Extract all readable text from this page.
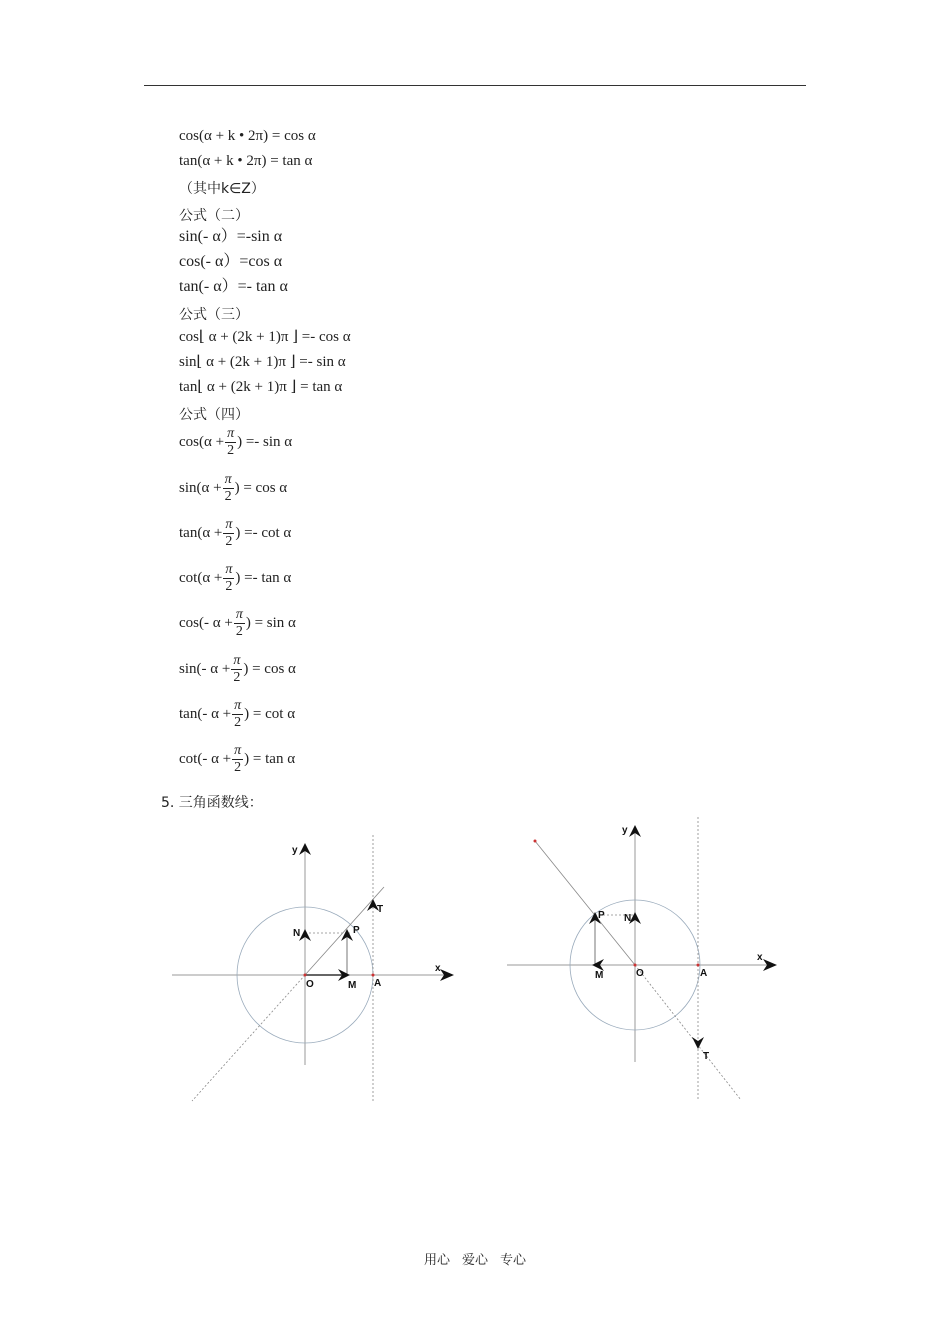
cos(α + k • 2π) = cos α
tan(α + k • 2π) = tan α
（其中k∈Z）
公式（二）
sin(- α）=-sin α
cos(- α）=cos α
tan(- α）=- tan α
公式（三）
cos⌊ α + (2k + 1)π ⌋ =- cos α
sin⌊ α + (2k + 1)π ⌋ =- sin α
tan⌊ α + (2k + 1)π ⌋ = tan α
公式（四）
$\cos(\alpha + \frac{\pi}{2}$ ) =- sin α
$\sin(\alpha + \frac{\pi}{2}$ ) = cos α
$\tan(\alpha + \frac{\pi}{2}$ ) =- cot α
$\cot(\alpha + \frac{\pi}{2}$ ) =- tan α
cos(- $\alpha + \frac{\pi}{2}$ ) = sin α
sin(- $\alpha + \frac{\pi}{2}$ ) = cos α
tan(- $\alpha + \frac{\pi}{2}$ ) = cot α
cot(- $\alpha + \frac{\pi}{2}$ ) = tan α
5. 三角函数线：
x
y
O	M A
P
N
T
x
y
O
M	A
P N
T
用心 爱心 专心
